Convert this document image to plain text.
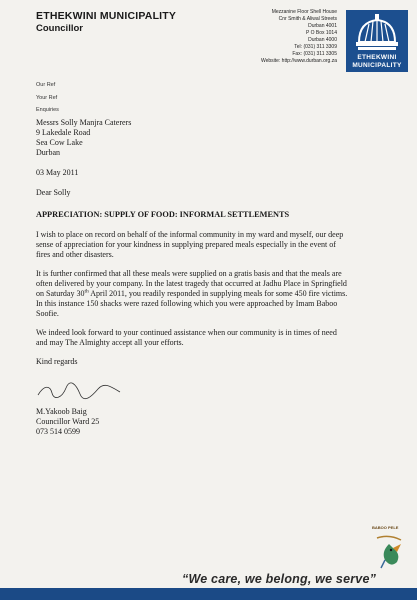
ETHEKWINI MUNICIPALITY
Councillor
Mezzanine Floor Shell House
Cnr Smith & Aliwal Streets
Durban 4001
P O Box 1014
Durban 4000
Tel: (031) 311 3309
Fax: (031) 311 3305
Website: http://www.durban.org.za	ETHEKWINI
MUNICIPALITY
Our Ref
Your Ref
Enquiries
Messrs Solly Manjra Caterers
9 Lakedale Road
Sea Cow Lake
Durban
03 May 2011
Dear Solly
APPRECIATION: SUPPLY OF FOOD: INFORMAL SETTLEMENTS
I wish to place on record on behalf of the informal community in my ward and myself, our deep
sense of appreciation for your kindness in supplying prepared meals especially in the event of
fires and other disasters.
It is further confirmed that all these meals were supplied on a gratis basis and that the meals are
often delivered by your company. In the latest tragedy that occurred at Jadhu Place in Springfield
on Saturday 30th April 2011, you readily responded in supplying meals for some 450 fire victims.
In this instance 150 shacks were razed following which you were approached by Imam Baboo
Soofie.
We indeed look forward to your continued assistance when our community is in times of need
and may The Almighty accept all your efforts.
Kind regards
M.Yakoob Baig
Councillor Ward 25
073 514 0599
BABOO PELE
“We care, we belong, we serve”
